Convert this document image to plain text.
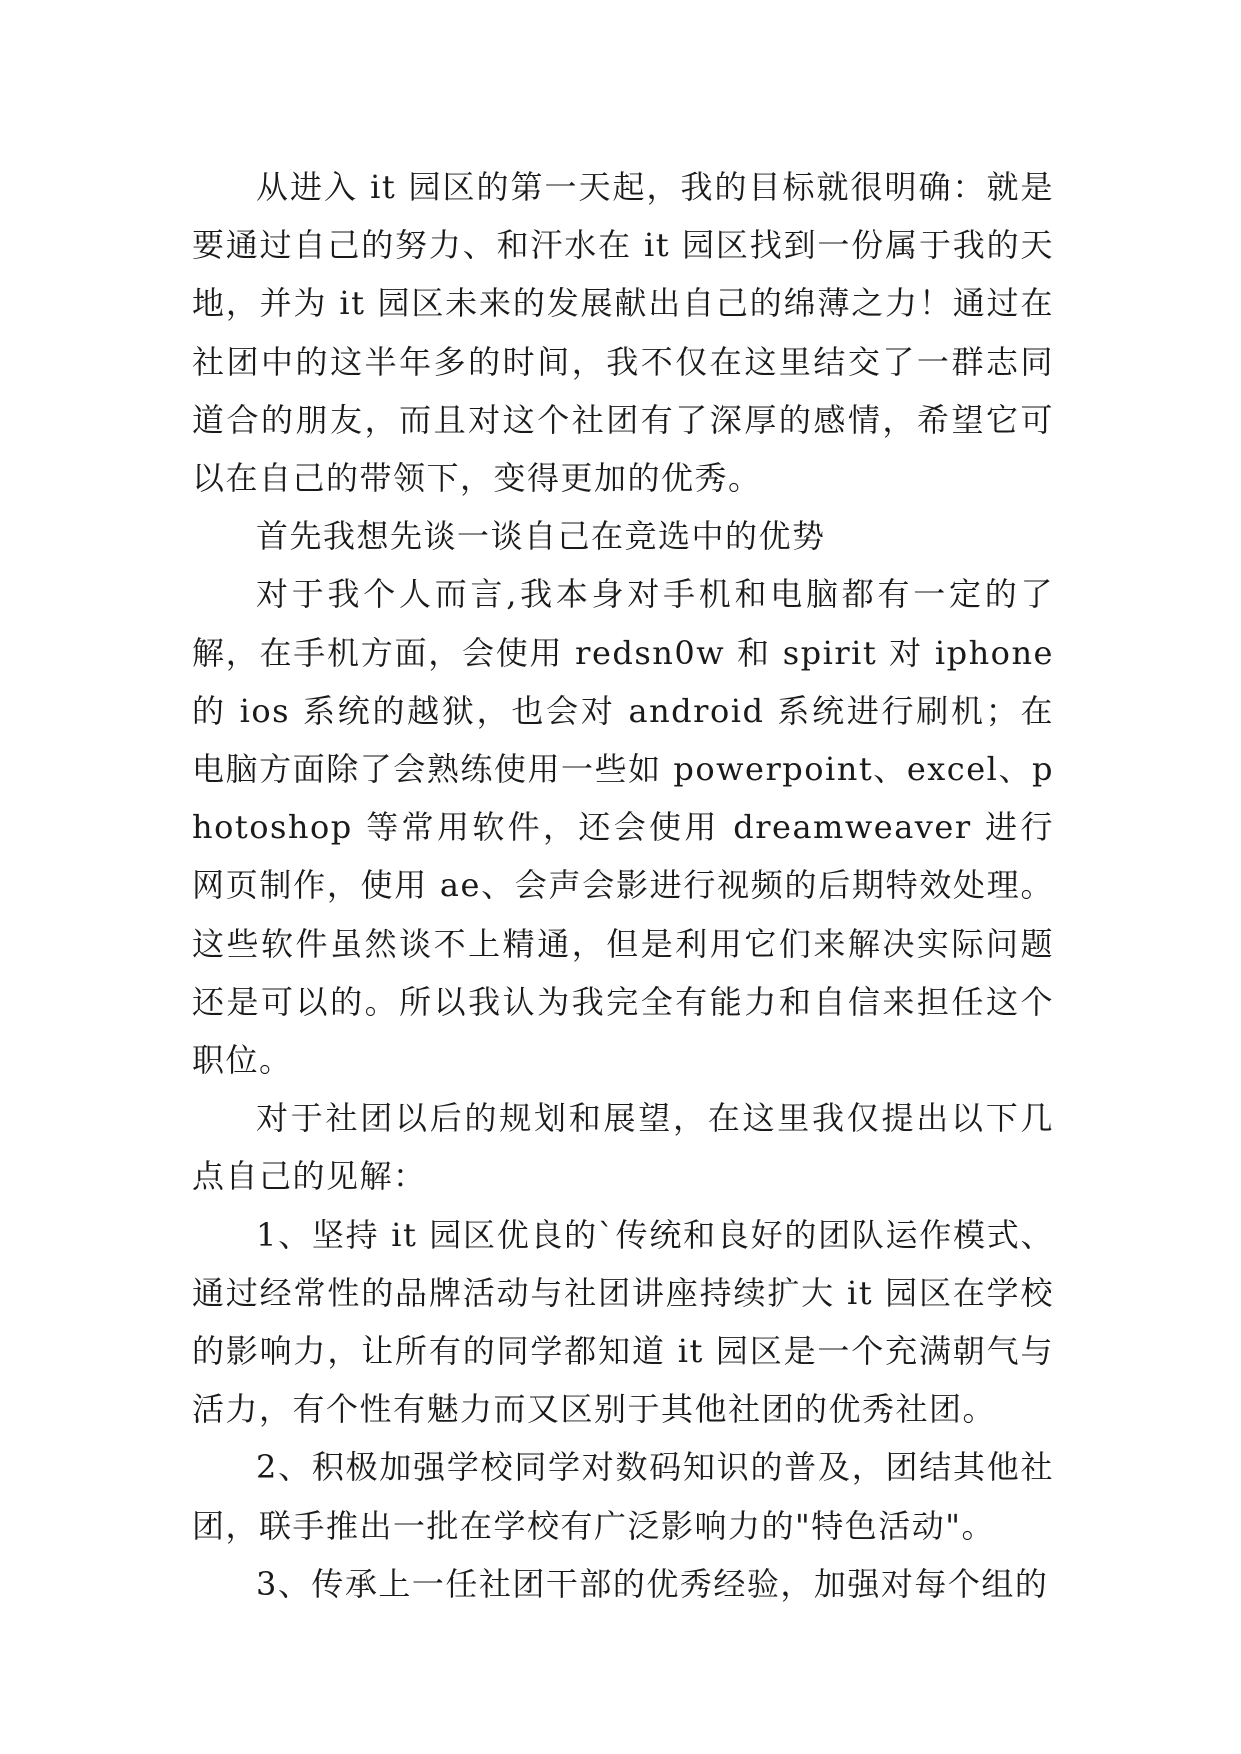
从进入 it 园区的第一天起，我的目标就很明确：就是要通过自己的努力、和汗水在 it 园区找到一份属于我的天地，并为 it 园区未来的发展献出自己的绵薄之力！通过在社团中的这半年多的时间，我不仅在这里结交了一群志同道合的朋友，而且对这个社团有了深厚的感情，希望它可以在自己的带领下，变得更加的优秀。

首先我想先谈一谈自己在竞选中的优势

对于我个人而言,我本身对手机和电脑都有一定的了解，在手机方面，会使用 redsn0w 和 spirit 对 iphone 的 ios 系统的越狱，也会对 android 系统进行刷机；在电脑方面除了会熟练使用一些如 powerpoint、excel、photoshop 等常用软件，还会使用 dreamweaver 进行网页制作，使用 ae、会声会影进行视频的后期特效处理。这些软件虽然谈不上精通，但是利用它们来解决实际问题还是可以的。所以我认为我完全有能力和自信来担任这个职位。

对于社团以后的规划和展望，在这里我仅提出以下几点自己的见解：

1、坚持 it 园区优良的`传统和良好的团队运作模式、通过经常性的品牌活动与社团讲座持续扩大 it 园区在学校的影响力，让所有的同学都知道 it 园区是一个充满朝气与活力，有个性有魅力而又区别于其他社团的优秀社团。

2、积极加强学校同学对数码知识的普及，团结其他社团，联手推出一批在学校有广泛影响力的"特色活动"。

3、传承上一任社团干部的优秀经验，加强对每个组的
